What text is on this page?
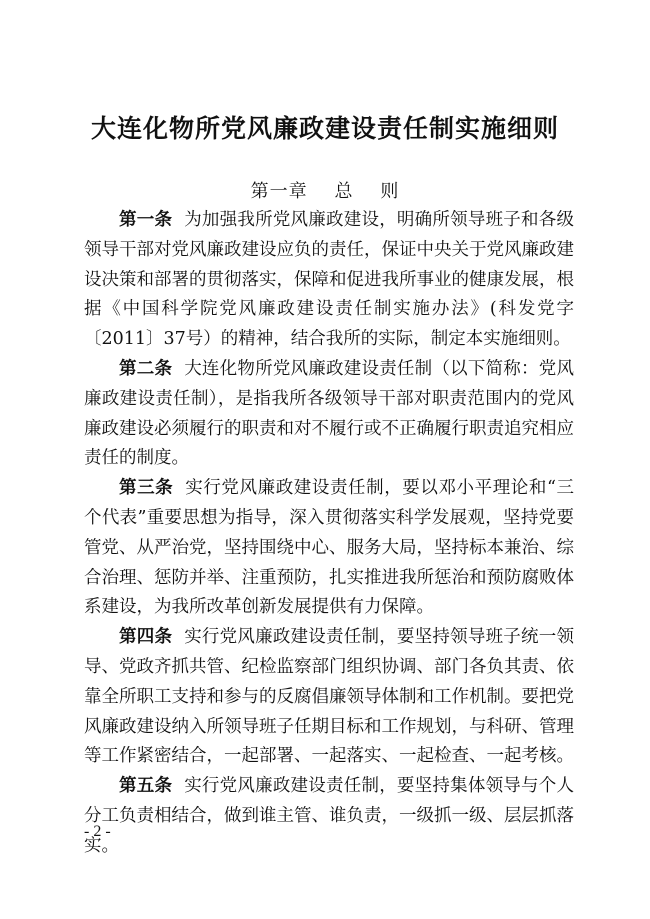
大连化物所党风廉政建设责任制实施细则
第一章    总    则

第一条 为加强我所党风廉政建设，明确所领导班子和各级领导干部对党风廉政建设应负的责任，保证中央关于党风廉政建设决策和部署的贯彻落实，保障和促进我所事业的健康发展，根据《中国科学院党风廉政建设责任制实施办法》(科发党字〔2011〕37号）的精神，结合我所的实际，制定本实施细则。

第二条 大连化物所党风廉政建设责任制（以下简称：党风廉政建设责任制），是指我所各级领导干部对职责范围内的党风廉政建设必须履行的职责和对不履行或不正确履行职责追究相应责任的制度。

第三条 实行党风廉政建设责任制，要以邓小平理论和“三个代表”重要思想为指导，深入贯彻落实科学发展观，坚持党要管党、从严治党，坚持围绕中心、服务大局，坚持标本兼治、综合治理、惩防并举、注重预防，扎实推进我所惩治和预防腐败体系建设，为我所改革创新发展提供有力保障。

第四条 实行党风廉政建设责任制，要坚持领导班子统一领导、党政齐抓共管、纪检监察部门组织协调、部门各负其责、依靠全所职工支持和参与的反腐倡廉领导体制和工作机制。要把党风廉政建设纳入所领导班子任期目标和工作规划，与科研、管理等工作紧密结合，一起部署、一起落实、一起检查、一起考核。

第五条 实行党风廉政建设责任制，要坚持集体领导与个人分工负责相结合，做到谁主管、谁负责，一级抓一级、层层抓落实。

- 2 -
